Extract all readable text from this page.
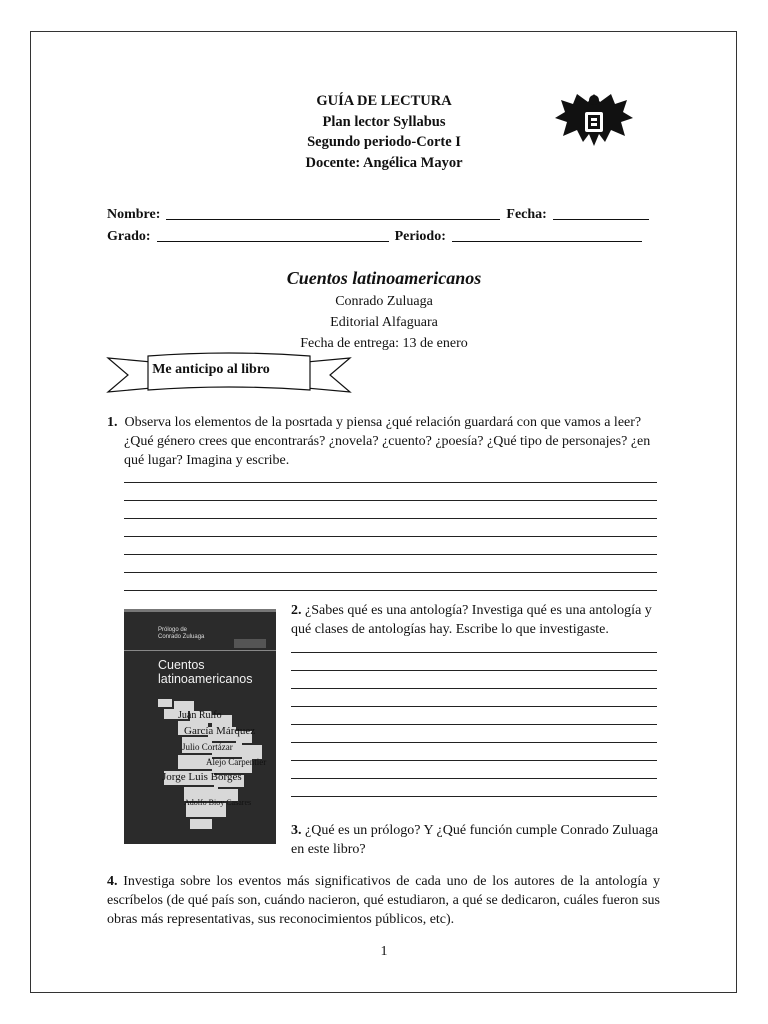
GUÍA DE LECTURA
Plan lector Syllabus
Segundo periodo-Corte I
Docente: Angélica Mayor
Nombre:	Fecha:
Grado:	Periodo:
Cuentos latinoamericanos
Conrado Zuluaga
Editorial Alfaguara
Fecha de entrega: 13 de enero
Me anticipo al libro
1. Observa los elementos de la posrtada y piensa ¿qué relación guardará con que vamos a leer?
¿Qué género crees que encontrarás? ¿novela? ¿cuento? ¿poesía? ¿Qué tipo de personajes? ¿en
qué lugar? Imagina y escribe.
Prólogo de
Conrado Zuluaga
Cuentos
latinoamericanos
Juan Rulfo
García Márquez
Julio Cortázar
Alejo Carpentier
Jorge Luis Borges
Adolfo Bioy Casares
2. ¿Sabes qué es una antología? Investiga qué es una antología y
qué clases de antologías hay. Escribe lo que investigaste.
3. ¿Qué es un prólogo? Y ¿Qué función cumple Conrado Zuluaga
en este libro?
4. Investiga sobre los eventos más significativos de cada uno de los autores de la antología y
escríbelos (de qué país son, cuándo nacieron, qué estudiaron, a qué se dedicaron, cuáles fueron sus
obras más representativas, sus reconocimientos públicos, etc).
1
